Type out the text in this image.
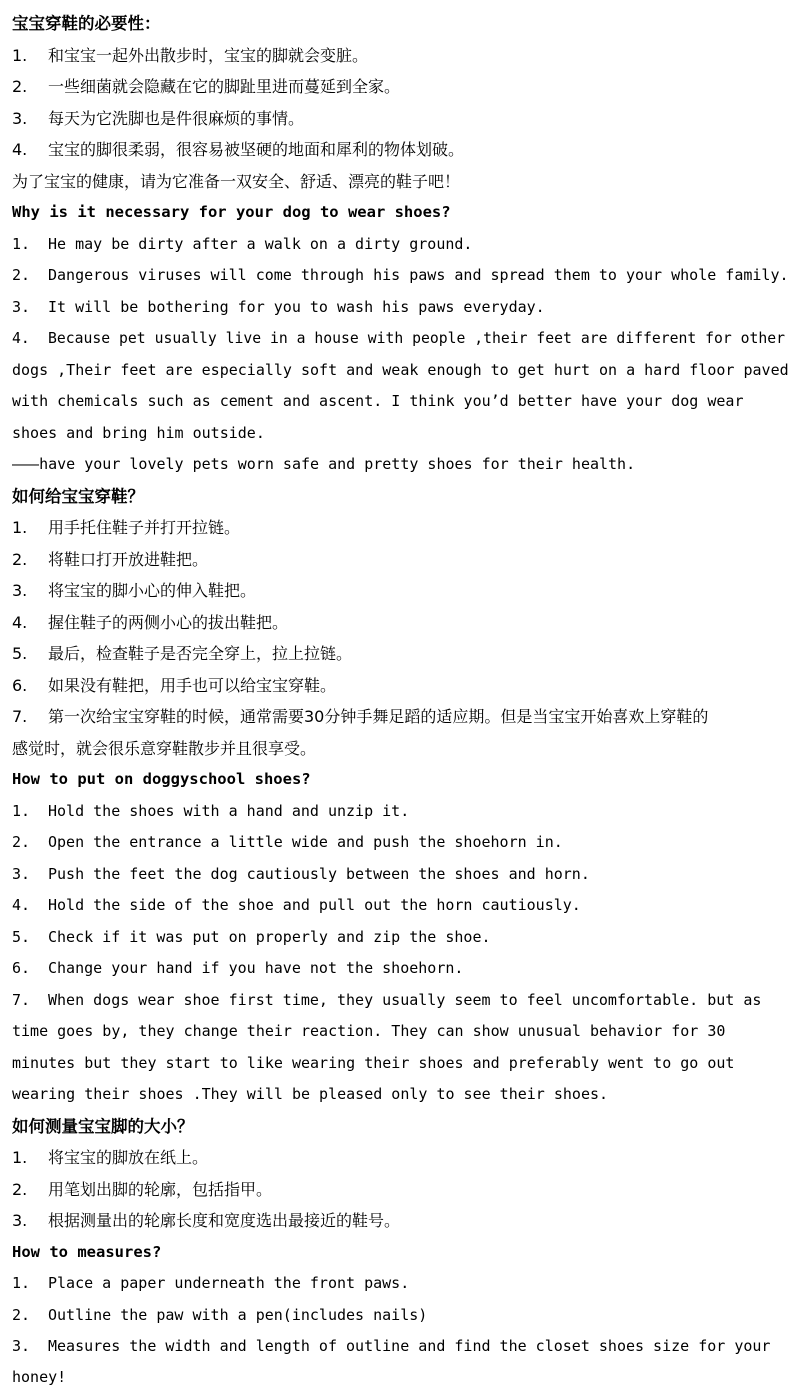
宝宝穿鞋的必要性：
1. 和宝宝一起外出散步时，宝宝的脚就会变脏。
2. 一些细菌就会隐藏在它的脚趾里进而蔓延到全家。
3. 每天为它洗脚也是件很麻烦的事情。
4. 宝宝的脚很柔弱，很容易被坚硬的地面和犀利的物体划破。
为了宝宝的健康，请为它准备一双安全、舒适、漂亮的鞋子吧！
Why is it necessary for your dog to wear shoes?
1. He may be dirty after a walk on a dirty ground.
2. Dangerous viruses will come through his paws and spread them to your whole family.
3. It will be bothering for you to wash his paws everyday.
4. Because pet usually live in a house with people ,their feet are different for other
dogs ,Their feet are especially soft and weak enough to get hurt on a hard floor paved
with chemicals such as cement and ascent. I think you’d better have your dog wear
shoes and bring him outside.
———have your lovely pets worn safe and pretty shoes for their health.
如何给宝宝穿鞋？
1. 用手托住鞋子并打开拉链。
2. 将鞋口打开放进鞋把。
3. 将宝宝的脚小心的伸入鞋把。
4. 握住鞋子的两侧小心的拔出鞋把。
5. 最后，检查鞋子是否完全穿上，拉上拉链。
6. 如果没有鞋把，用手也可以给宝宝穿鞋。
7. 第一次给宝宝穿鞋的时候，通常需要30分钟手舞足蹈的适应期。但是当宝宝开始喜欢上穿鞋的
感觉时，就会很乐意穿鞋散步并且很享受。
How to put on doggyschool shoes?
1. Hold the shoes with a hand and unzip it.
2. Open the entrance a little wide and push the shoehorn in.
3. Push the feet the dog cautiously between the shoes and horn.
4. Hold the side of the shoe and pull out the horn cautiously.
5. Check if it was put on properly and zip the shoe.
6. Change your hand if you have not the shoehorn.
7. When dogs wear shoe first time, they usually seem to feel uncomfortable. but as
time goes by, they change their reaction. They can show unusual behavior for 30
minutes but they start to like wearing their shoes and preferably went to go out
wearing their shoes .They will be pleased only to see their shoes.
如何测量宝宝脚的大小？
1. 将宝宝的脚放在纸上。
2. 用笔划出脚的轮廓，包括指甲。
3. 根据测量出的轮廓长度和宽度选出最接近的鞋号。
How to measures?
1. Place a paper underneath the front paws.
2. Outline the paw with a pen(includes nails)
3. Measures the width and length of outline and find the closet shoes size for your
honey!
